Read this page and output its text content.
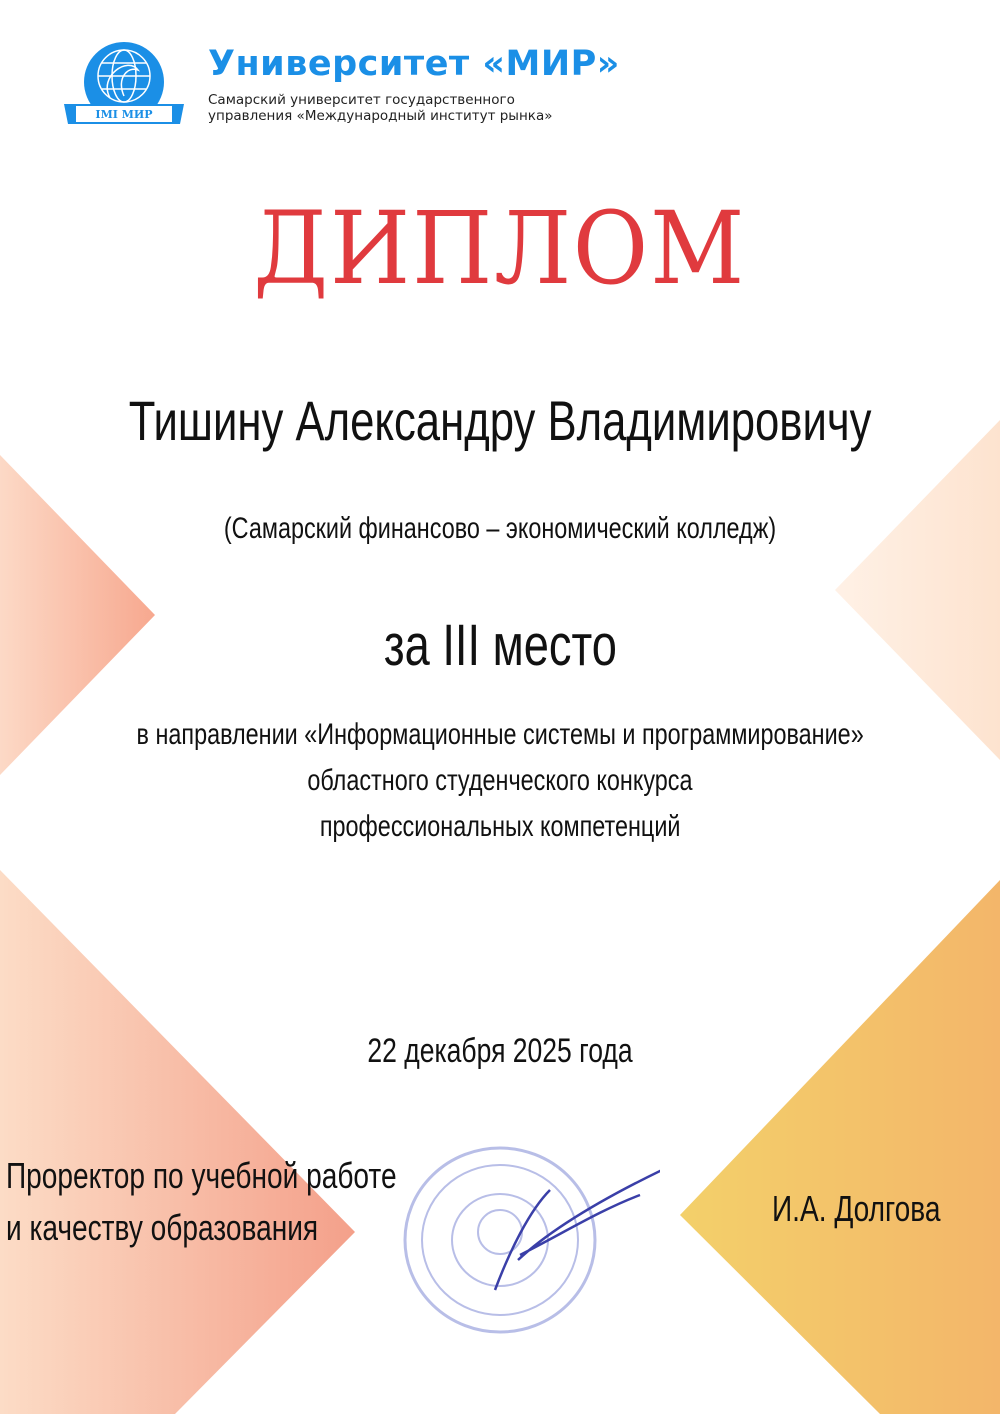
IMI МИР
Университет «МИР»
Самарский университет государственного
управления «Международный институт рынка»
ДИПЛОМ
Тишину Александру Владимировичу
(Самарский финансово – экономический колледж)
за III место
в направлении «Информационные системы и программирование»
областного студенческого конкурса
профессиональных компетенций
22 декабря 2025 года
Проректор по учебной работе
и качеству образования	И.А. Долгова
